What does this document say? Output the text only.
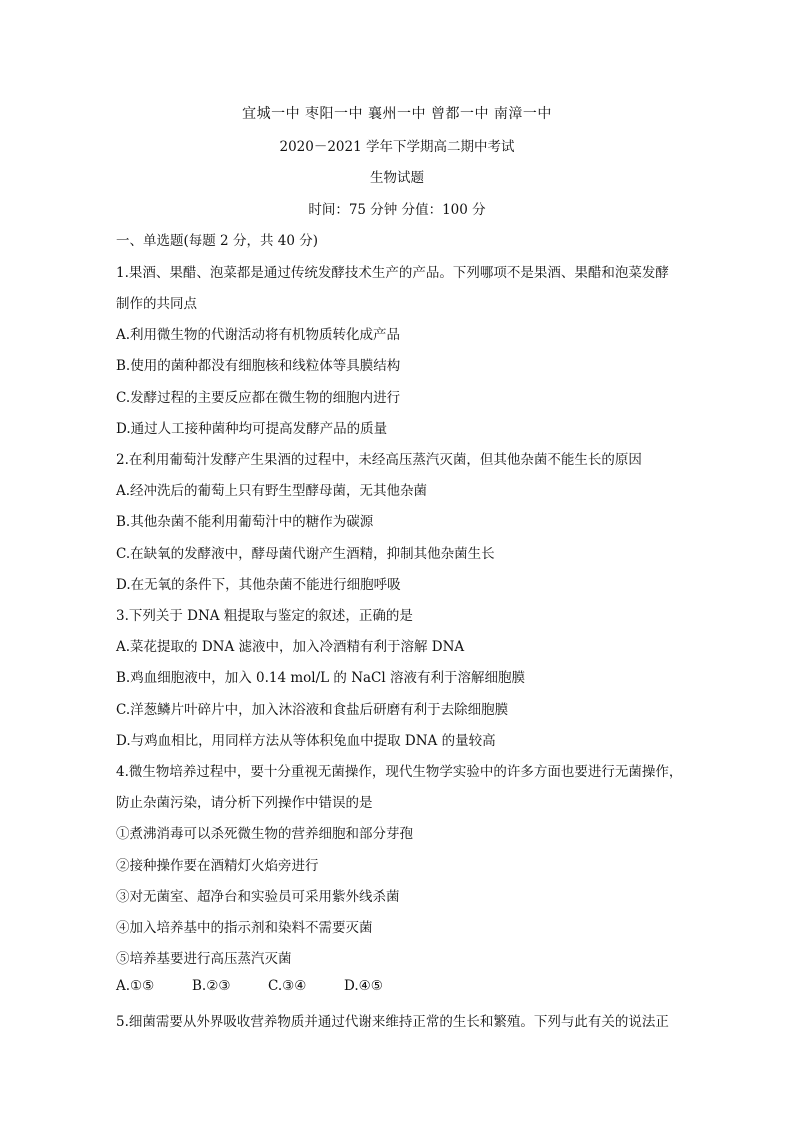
宜城一中 枣阳一中 襄州一中 曾都一中 南漳一中
2020－2021 学年下学期高二期中考试
生物试题
时间：75 分钟 分值：100 分
一、单选题(每题 2 分，共 40 分)
1.果酒、果醋、泡菜都是通过传统发酵技术生产的产品。下列哪项不是果酒、果醋和泡菜发酵
制作的共同点
A.利用微生物的代谢活动将有机物质转化成产品
B.使用的菌种都没有细胞核和线粒体等具膜结构
C.发酵过程的主要反应都在微生物的细胞内进行
D.通过人工接种菌种均可提高发酵产品的质量
2.在利用葡萄汁发酵产生果酒的过程中，未经高压蒸汽灭菌，但其他杂菌不能生长的原因
A.经冲洗后的葡萄上只有野生型酵母菌，无其他杂菌
B.其他杂菌不能利用葡萄汁中的糖作为碳源
C.在缺氧的发酵液中，酵母菌代谢产生酒精，抑制其他杂菌生长
D.在无氧的条件下，其他杂菌不能进行细胞呼吸
3.下列关于 DNA 粗提取与鉴定的叙述，正确的是
A.菜花提取的 DNA 滤液中，加入冷酒精有利于溶解 DNA
B.鸡血细胞液中，加入 0.14 mol/L 的 NaCl 溶液有利于溶解细胞膜
C.洋葱鳞片叶碎片中，加入沐浴液和食盐后研磨有利于去除细胞膜
D.与鸡血相比，用同样方法从等体积兔血中提取 DNA 的量较高
4.微生物培养过程中，要十分重视无菌操作，现代生物学实验中的许多方面也要进行无菌操作，
防止杂菌污染，请分析下列操作中错误的是
①煮沸消毒可以杀死微生物的营养细胞和部分芽孢
②接种操作要在酒精灯火焰旁进行
③对无菌室、超净台和实验员可采用紫外线杀菌
④加入培养基中的指示剂和染料不需要灭菌
⑤培养基要进行高压蒸汽灭菌
A.①⑤	B.②③	C.③④	D.④⑤
5.细菌需要从外界吸收营养物质并通过代谢来维持正常的生长和繁殖。下列与此有关的说法正
